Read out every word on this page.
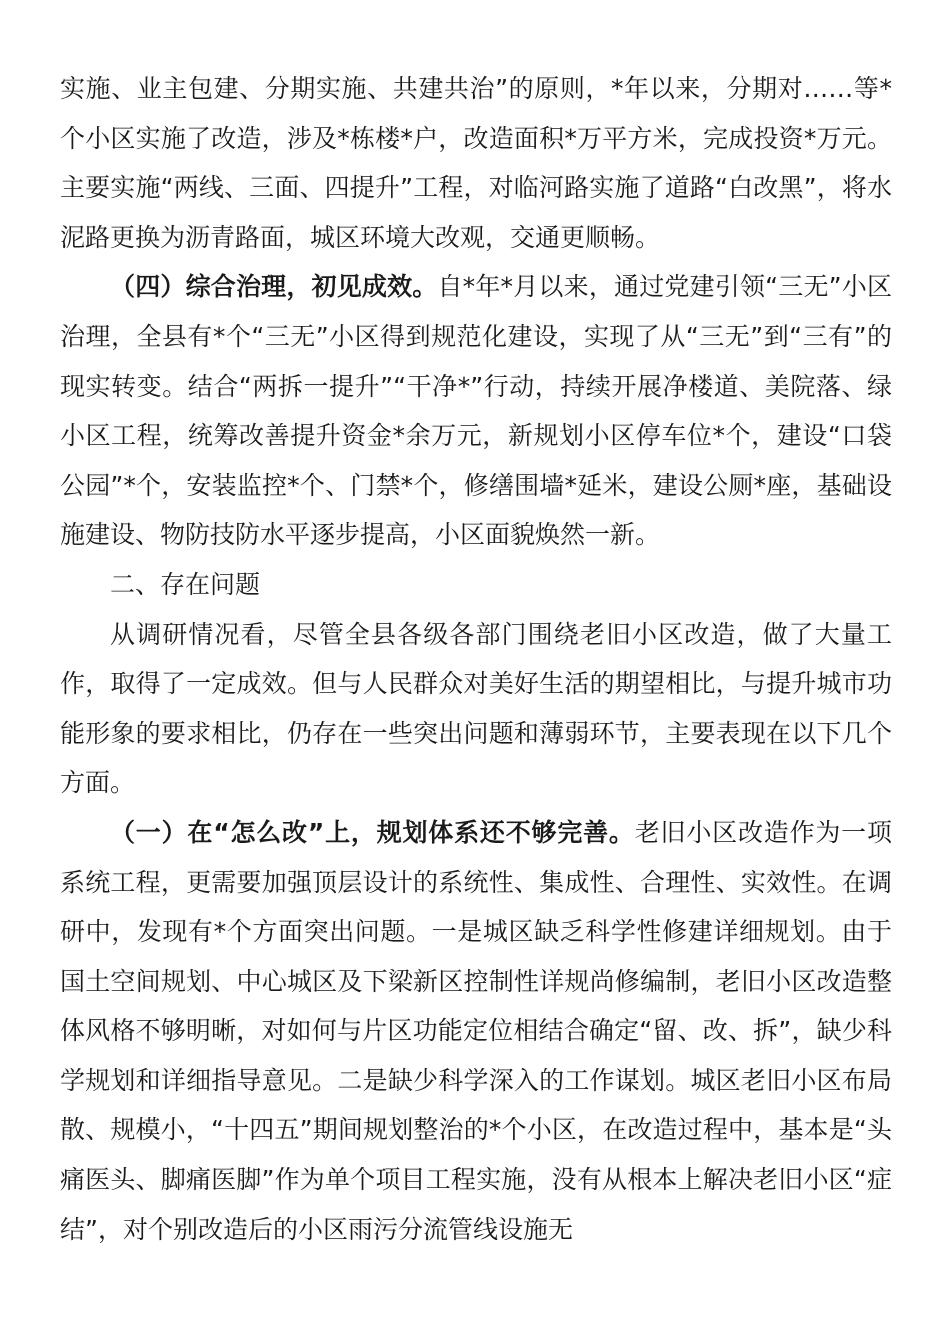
实施、业主包建、分期实施、共建共治”的原则，*年以来，分期对……等*个小区实施了改造，涉及*栋楼*户，改造面积*万平方米，完成投资*万元。主要实施“两线、三面、四提升”工程，对临河路实施了道路“白改黑”，将水泥路更换为沥青路面，城区环境大改观，交通更顺畅。

（四）综合治理，初见成效。自*年*月以来，通过党建引领“三无”小区治理，全县有*个“三无”小区得到规范化建设，实现了从“三无”到“三有”的现实转变。结合“两拆一提升”“干净*”行动，持续开展净楼道、美院落、绿小区工程，统筹改善提升资金*余万元，新规划小区停车位*个，建设“口袋公园”*个，安装监控*个、门禁*个，修缮围墙*延米，建设公厕*座，基础设施建设、物防技防水平逐步提高，小区面貌焕然一新。

二、存在问题

从调研情况看，尽管全县各级各部门围绕老旧小区改造，做了大量工作，取得了一定成效。但与人民群众对美好生活的期望相比，与提升城市功能形象的要求相比，仍存在一些突出问题和薄弱环节，主要表现在以下几个方面。

（一）在“怎么改”上，规划体系还不够完善。老旧小区改造作为一项系统工程，更需要加强顶层设计的系统性、集成性、合理性、实效性。在调研中，发现有*个方面突出问题。一是城区缺乏科学性修建详细规划。由于国土空间规划、中心城区及下梁新区控制性详规尚修编制，老旧小区改造整体风格不够明晰，对如何与片区功能定位相结合确定“留、改、拆”，缺少科学规划和详细指导意见。二是缺少科学深入的工作谋划。城区老旧小区布局散、规模小，“十四五”期间规划整治的*个小区，在改造过程中，基本是“头痛医头、脚痛医脚”作为单个项目工程实施，没有从根本上解决老旧小区“症结”，对个别改造后的小区雨污分流管线设施无
